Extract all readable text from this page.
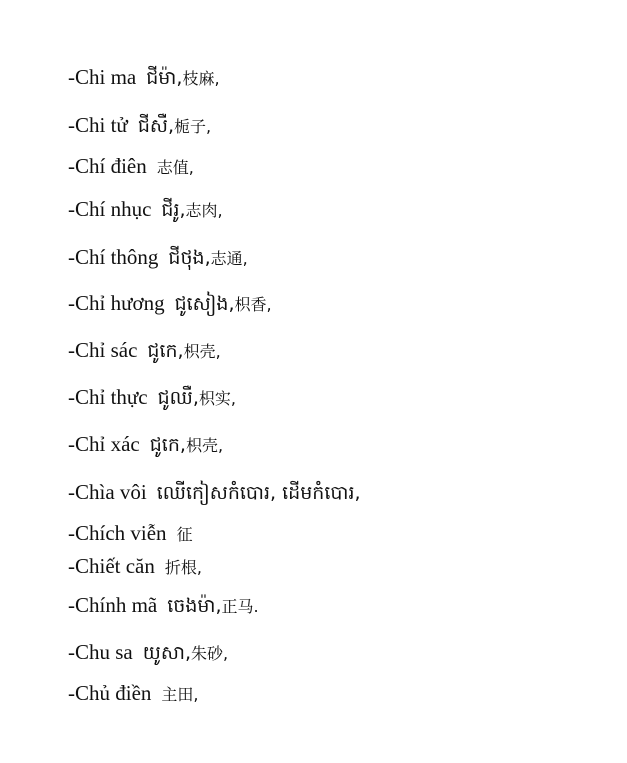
-Chi ma ជីម៉ា,枝麻,
-Chi tử ជីសឺ,栀子,
-Chí điên 志值,
-Chí nhục ជីរូ,志肉,
-Chí thông ជីថុង,志通,
-Chỉ hương ជូសៀង,枳香,
-Chỉ sác ជូកេ,枳壳,
-Chỉ thực ជូឈឺ,枳实,
-Chỉ xác ជូកេ,枳壳,
-Chìa vôi ឈើកៀសកំបោរ, ដើមកំបោរ,
-Chích viễn 征
-Chiết căn 折根,
-Chính mã ចេងម៉ា,正马.
-Chu sa យូសា,朱砂,
-Chủ điền 主田,
